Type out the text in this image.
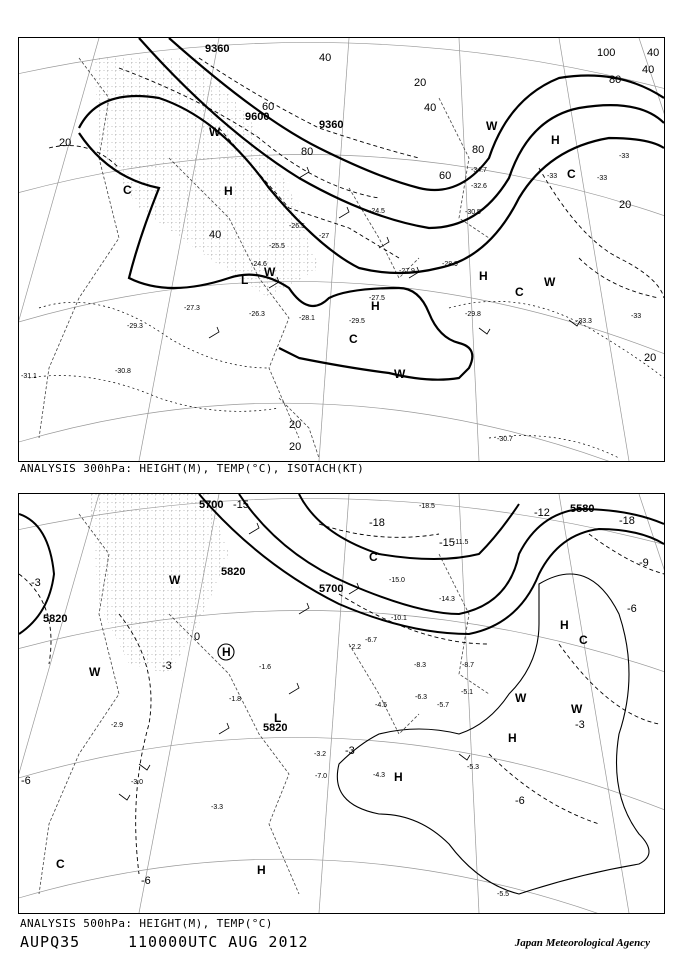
9360
9600
9360
20
40
60
80
40
20
40
60
80
100	40
80
40
20
20
20
20
H
H
H
H
L
C
C
C
C
W
W
W
W
W
-27
-27.5
-29.5
-29.3
-31.1
-30.8
-30.7
-33.3
-30.5
-28.9
-29.8
-27.9
-28.1
-34.7
-32.6
-33	-33
-33
-33
-25.5
-24.5
-26.5
-24.6
-27.3
-26.3
ANALYSIS 300hPa: HEIGHT(M), TEMP(°C), ISOTACH(KT)
5700
5820
5700
5820
5580
5820
-15
-18
-15
-18
-12
-9
-6
-3
-3
-6
-6
-3
-6
-3
0
H
H
H
H
H
L
C
C
C
W
W
W
W
-2.9
-3.0
-3.3
-5.3
-5.5
-4.3
-6.7
-8.7
-10.1
-11.5
-14.3
-5.7
-4.5
-5.1
-6.3
-3.2
-1.6
-2.2
-1.8
-8.3
-7.0
-15.0
-18.5
ANALYSIS 500hPa: HEIGHT(M), TEMP(°C)
AUPQ35	110000UTC AUG 2012	Japan Meteorological Agency
